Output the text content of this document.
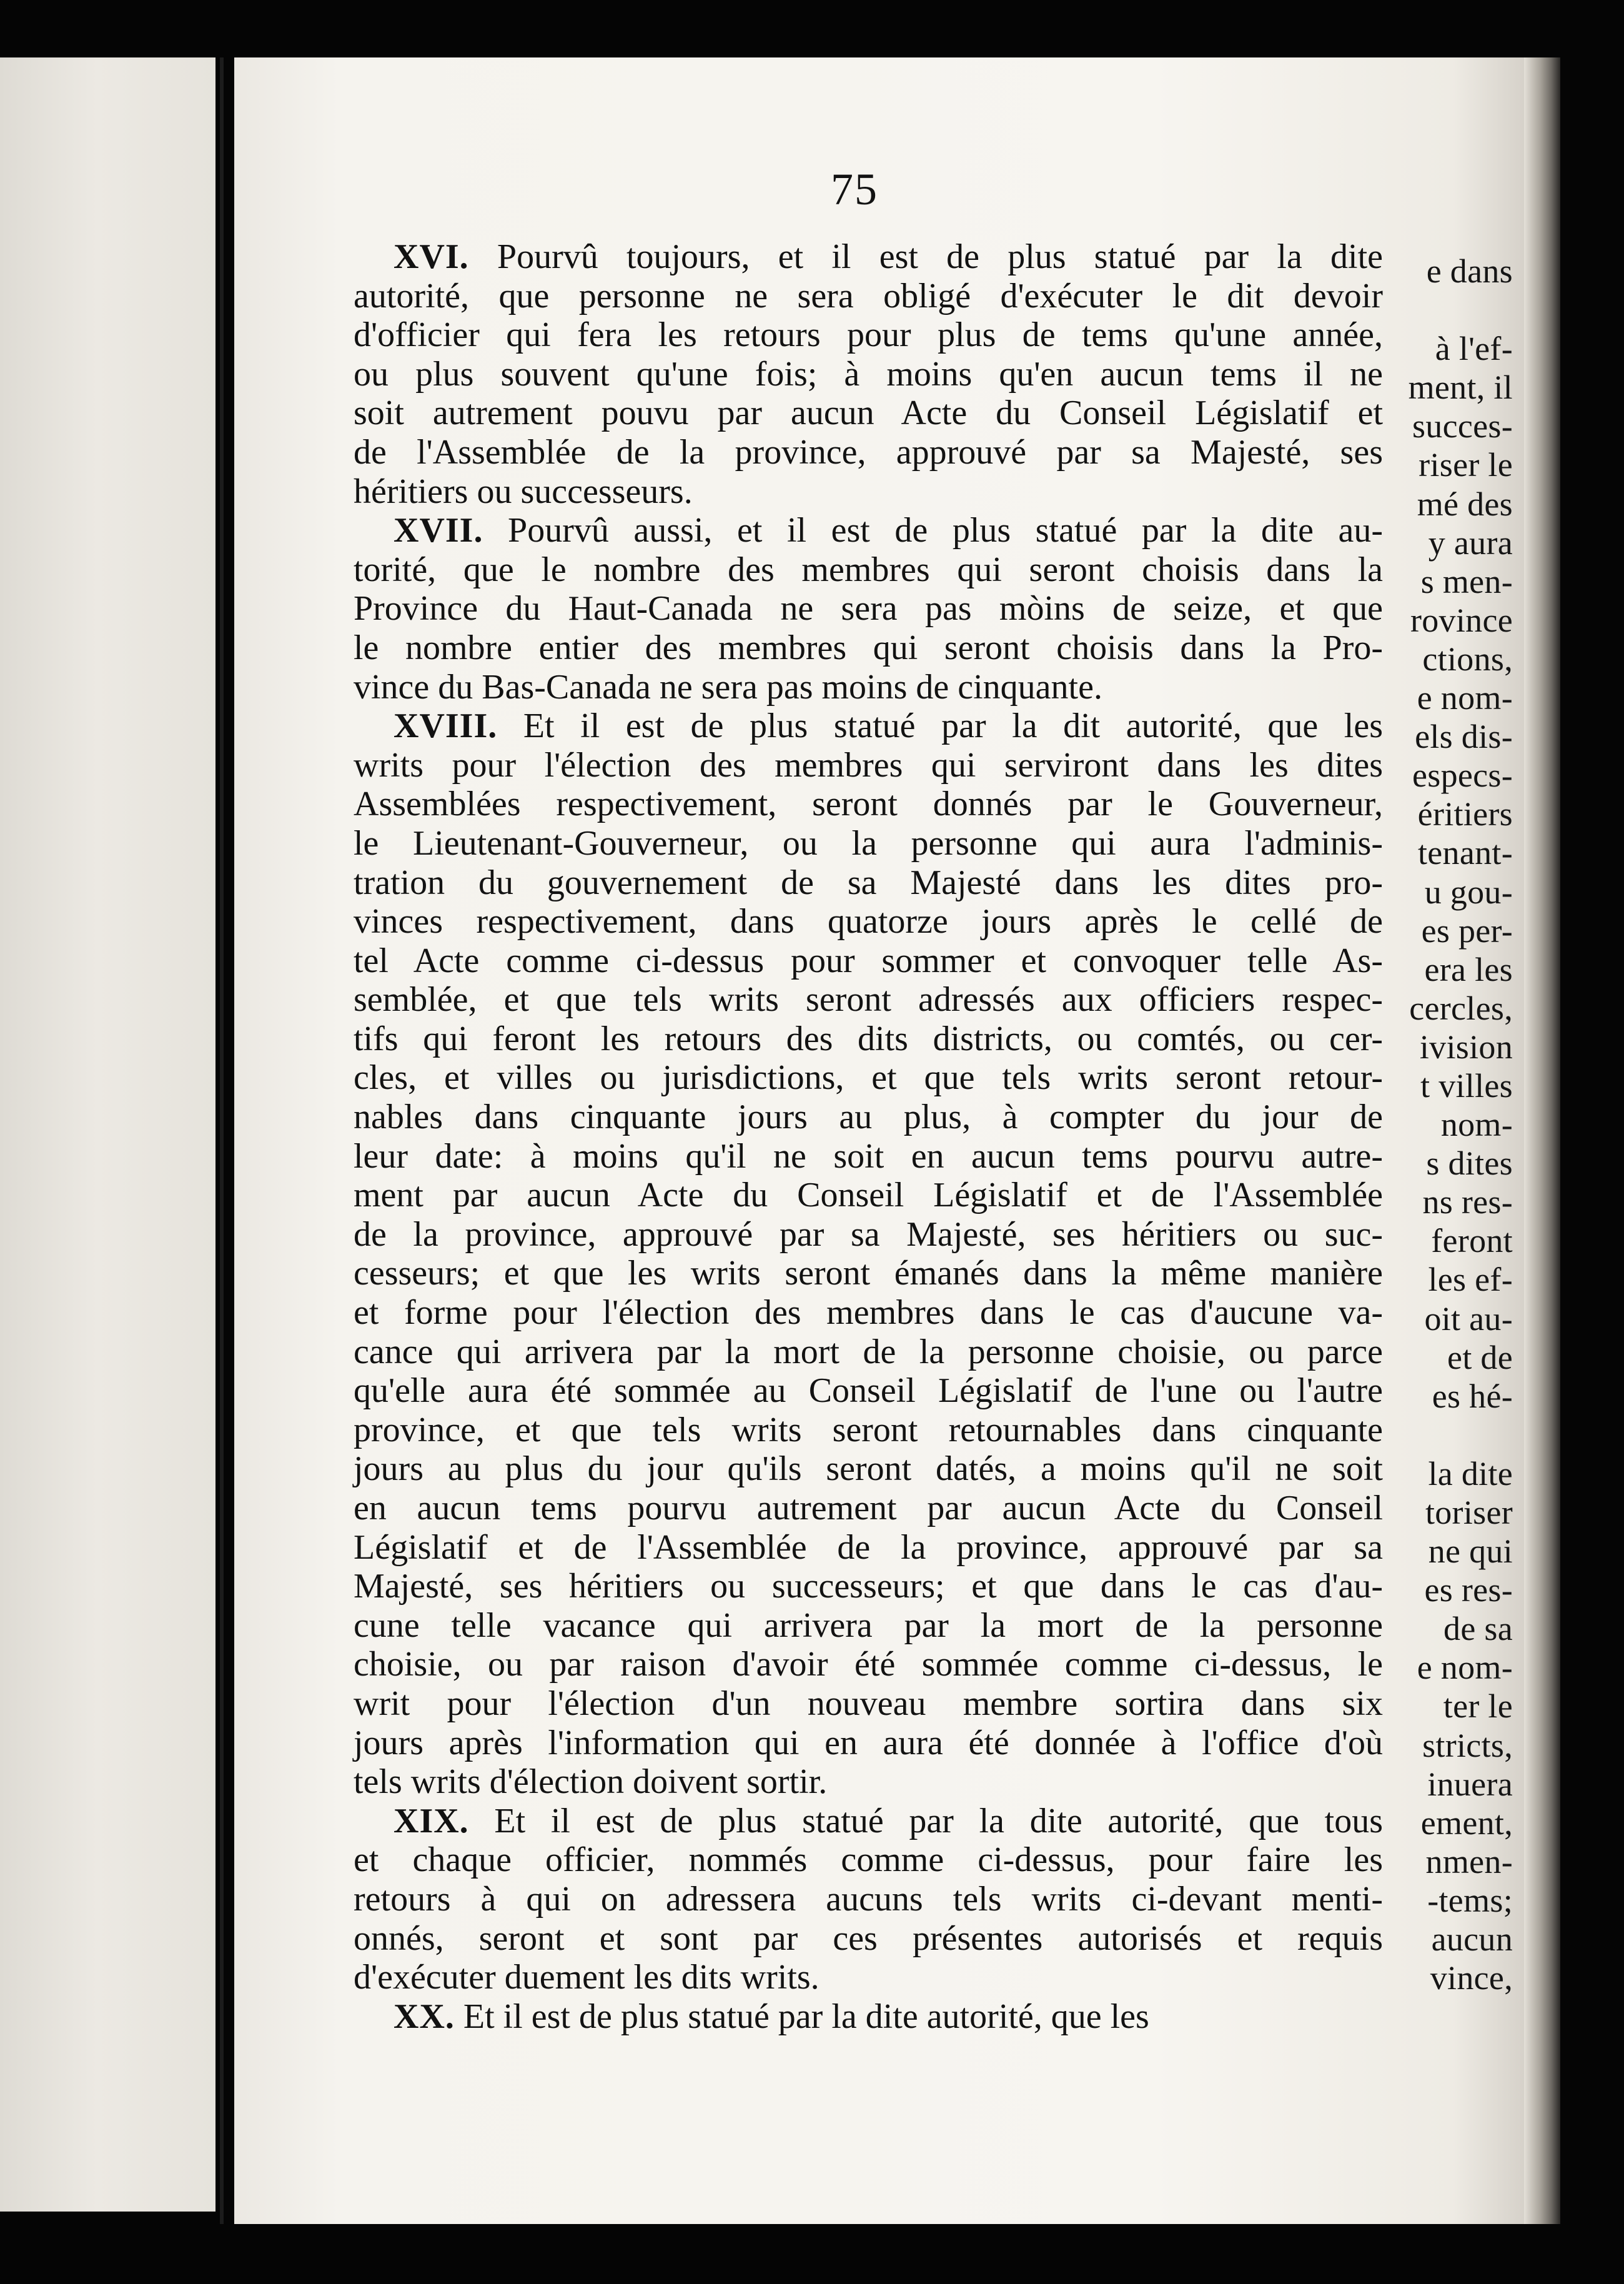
e dans
à l'ef-
ment, il
succes-
riser le
mé des
y aura
s men-
rovince
ctions,
e nom-
els dis-
especs-
éritiers
tenant-
u gou-
es per-
era les
cercles,
ivision
t villes
nom-
s dites
ns res-
feront
les ef-
oit au-
et de
es hé-
la dite
toriser
ne qui
es res-
de sa
e nom-
ter le
stricts,
inuera
ement,
nmen-
-tems;
aucun
vince,
75
XVI. Pourvû toujours, et il est de plus statué par la dite
autorité, que personne ne sera obligé d'exécuter le dit devoir
d'officier qui fera les retours pour plus de tems qu'une année,
ou plus souvent qu'une fois; à moins qu'en aucun tems il ne
soit autrement pouvu par aucun Acte du Conseil Législatif et
de l'Assemblée de la province, approuvé par sa Majesté, ses
héritiers ou successeurs.
XVII. Pourvû aussi, et il est de plus statué par la dite au-
torité, que le nombre des membres qui seront choisis dans la
Province du Haut-Canada ne sera pas mòins de seize, et que
le nombre entier des membres qui seront choisis dans la Pro-
vince du Bas-Canada ne sera pas moins de cinquante.
XVIII. Et il est de plus statué par la dit autorité, que les
writs pour l'élection des membres qui serviront dans les dites
Assemblées respectivement, seront donnés par le Gouverneur,
le Lieutenant-Gouverneur, ou la personne qui aura l'adminis-
tration du gouvernement de sa Majesté dans les dites pro-
vinces respectivement, dans quatorze jours après le cellé de
tel Acte comme ci-dessus pour sommer et convoquer telle As-
semblée, et que tels writs seront adressés aux officiers respec-
tifs qui feront les retours des dits districts, ou comtés, ou cer-
cles, et villes ou jurisdictions, et que tels writs seront retour-
nables dans cinquante jours au plus, à compter du jour de
leur date: à moins qu'il ne soit en aucun tems pourvu autre-
ment par aucun Acte du Conseil Législatif et de l'Assemblée
de la province, approuvé par sa Majesté, ses héritiers ou suc-
cesseurs; et que les writs seront émanés dans la même manière
et forme pour l'élection des membres dans le cas d'aucune va-
cance qui arrivera par la mort de la personne choisie, ou parce
qu'elle aura été sommée au Conseil Législatif de l'une ou l'autre
province, et que tels writs seront retournables dans cinquante
jours au plus du jour qu'ils seront datés, a moins qu'il ne soit
en aucun tems pourvu autrement par aucun Acte du Conseil
Législatif et de l'Assemblée de la province, approuvé par sa
Majesté, ses héritiers ou successeurs; et que dans le cas d'au-
cune telle vacance qui arrivera par la mort de la personne
choisie, ou par raison d'avoir été sommée comme ci-dessus, le
writ pour l'élection d'un nouveau membre sortira dans six
jours après l'information qui en aura été donnée à l'office d'où
tels writs d'élection doivent sortir.
XIX. Et il est de plus statué par la dite autorité, que tous
et chaque officier, nommés comme ci-dessus, pour faire les
retours à qui on adressera aucuns tels writs ci-devant menti-
onnés, seront et sont par ces présentes autorisés et requis
d'exécuter duement les dits writs.
XX. Et il est de plus statué par la dite autorité, que les
